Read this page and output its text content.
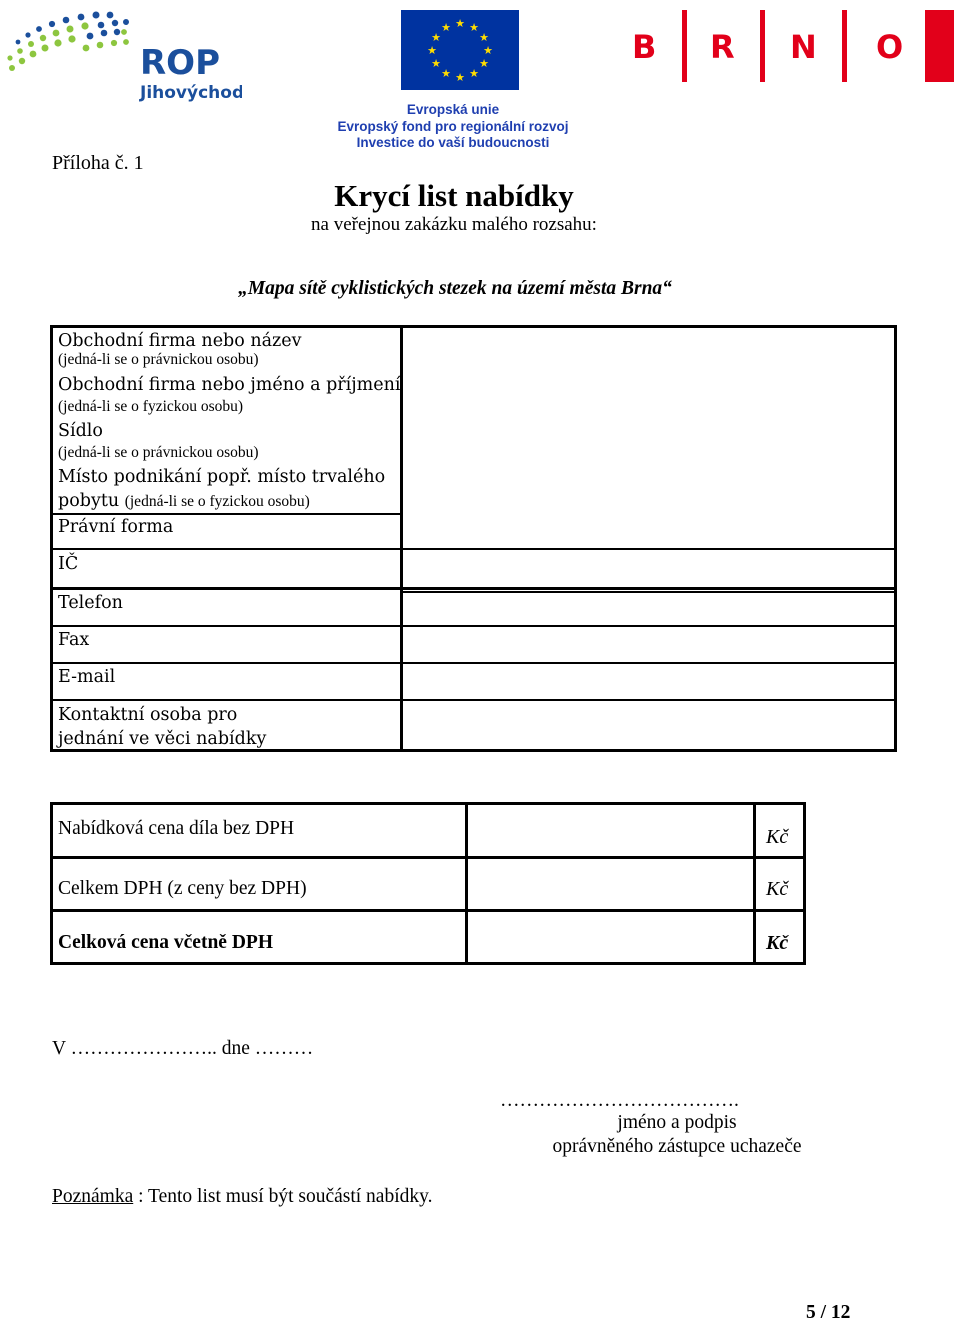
ROP
Jihovýchod
★ ★
★
★
★
★
★
★
★
★
★
★
B R N O
Evropská unie
Evropský fond pro regionální rozvoj
Investice do vaší budoucnosti
Příloha č. 1
Krycí list nabídky
na veřejnou zakázku malého rozsahu:
„Mapa sítě cyklistických stezek na území města Brna“
Obchodní firma nebo název
(jedná-li se o právnickou osobu)
Obchodní firma nebo jméno a příjmení
(jedná-li se o fyzickou osobu)
Sídlo
(jedná-li se o právnickou osobu)
Místo podnikání popř. místo trvalého
pobytu (jedná-li se o fyzickou osobu)
Právní forma
IČ
Telefon
Fax
E-mail
Kontaktní osoba pro
jednání ve věci nabídky
Nabídková cena díla bez DPH	Kč
Celkem DPH (z ceny bez DPH)	Kč
Celková cena včetně DPH	Kč
V ………………….. dne ………
……………………………….
jméno a podpis
oprávněného zástupce uchazeče
Poznámka : Tento list musí být součástí nabídky.
5 / 12
